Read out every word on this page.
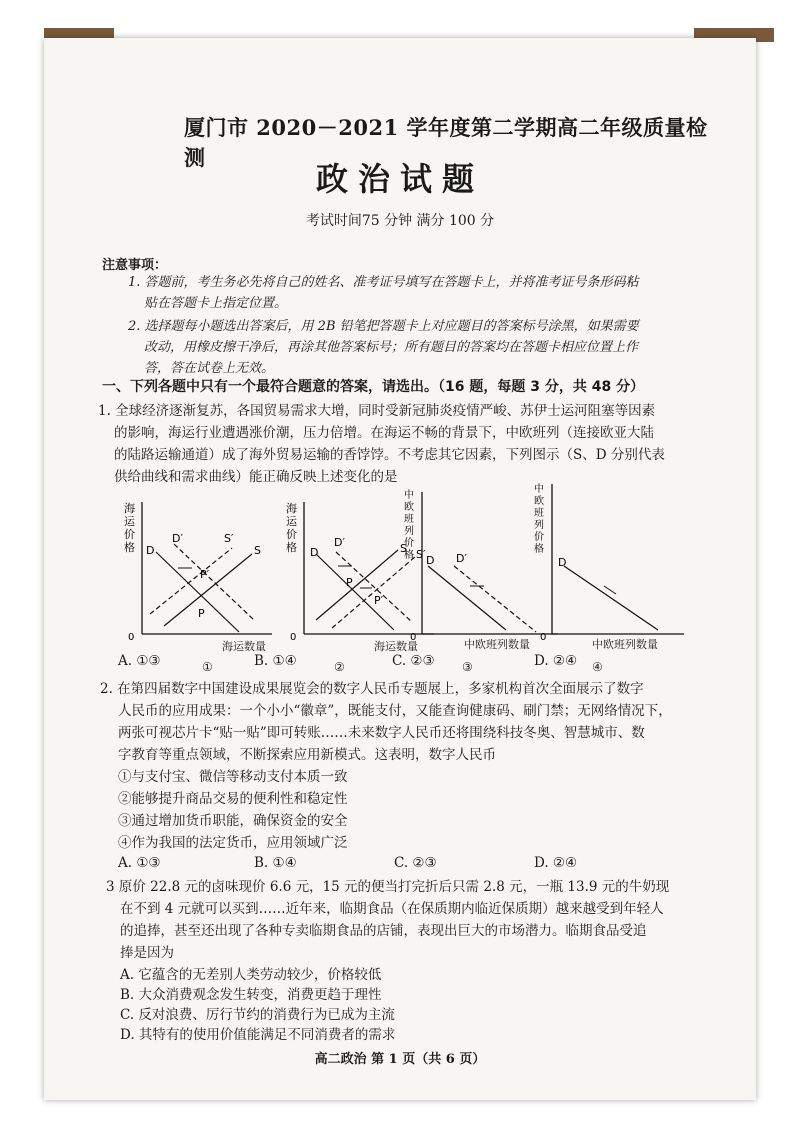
厦门市 2020－2021 学年度第二学期高二年级质量检测
政治试题
考试时间75 分钟 满分 100 分
注意事项：
1. 答题前，考生务必先将自己的姓名、准考证号填写在答题卡上，并将准考证号条形码粘
贴在答题卡上指定位置。
2. 选择题每小题选出答案后，用 2B 铅笔把答题卡上对应题目的答案标号涂黑，如果需要
改动，用橡皮擦干净后，再涂其他答案标号；所有题目的答案均在答题卡相应位置上作
答，答在试卷上无效。
一、下列各题中只有一个最符合题意的答案，请选出。（16 题，每题 3 分，共 48 分）
1. 全球经济逐渐复苏，各国贸易需求大增，同时受新冠肺炎疫情严峻、苏伊士运河阻塞等因素
的影响，海运行业遭遇涨价潮，压力倍增。在海运不畅的背景下，中欧班列（连接欧亚大陆
的陆路运输通道）成了海外贸易运输的香饽饽。不考虑其它因素，下列图示（S、D 分别代表
供给曲线和需求曲线）能正确反映上述变化的是
海
运
价
格
0
D
D′
S
S′
P
P′
海运数量
①
海
运
价
格
0
D
D′	S S′
P
P′
海运数量
②
中
欧
班
列
价
格
0
D D′
中欧班列数量
③
中
欧
班
列
价
格
0
D
中欧班列数量
④
A. ①③	B. ①④	C. ②③	D. ②④
2. 在第四届数字中国建设成果展览会的数字人民币专题展上，多家机构首次全面展示了数字
人民币的应用成果：一个小小“徽章”，既能支付，又能查询健康码、刷门禁；无网络情况下，
两张可视芯片卡“贴一贴”即可转账……未来数字人民币还将围绕科技冬奥、智慧城市、数
字教育等重点领域，不断探索应用新模式。这表明，数字人民币
①与支付宝、微信等移动支付本质一致
②能够提升商品交易的便利性和稳定性
③通过增加货币职能，确保资金的安全
④作为我国的法定货币，应用领域广泛
A. ①③	B. ①④	C. ②③	D. ②④
3 原价 22.8 元的卤味现价 6.6 元，15 元的便当打完折后只需 2.8 元，一瓶 13.9 元的牛奶现
在不到 4 元就可以买到……近年来，临期食品（在保质期内临近保质期）越来越受到年轻人
的追捧，甚至还出现了各种专卖临期食品的店铺，表现出巨大的市场潜力。临期食品受追
捧是因为
A. 它蕴含的无差别人类劳动较少，价格较低
B. 大众消费观念发生转变，消费更趋于理性
C. 反对浪费、厉行节约的消费行为已成为主流
D. 其特有的使用价值能满足不同消费者的需求
高二政治 第 1 页（共 6 页）
